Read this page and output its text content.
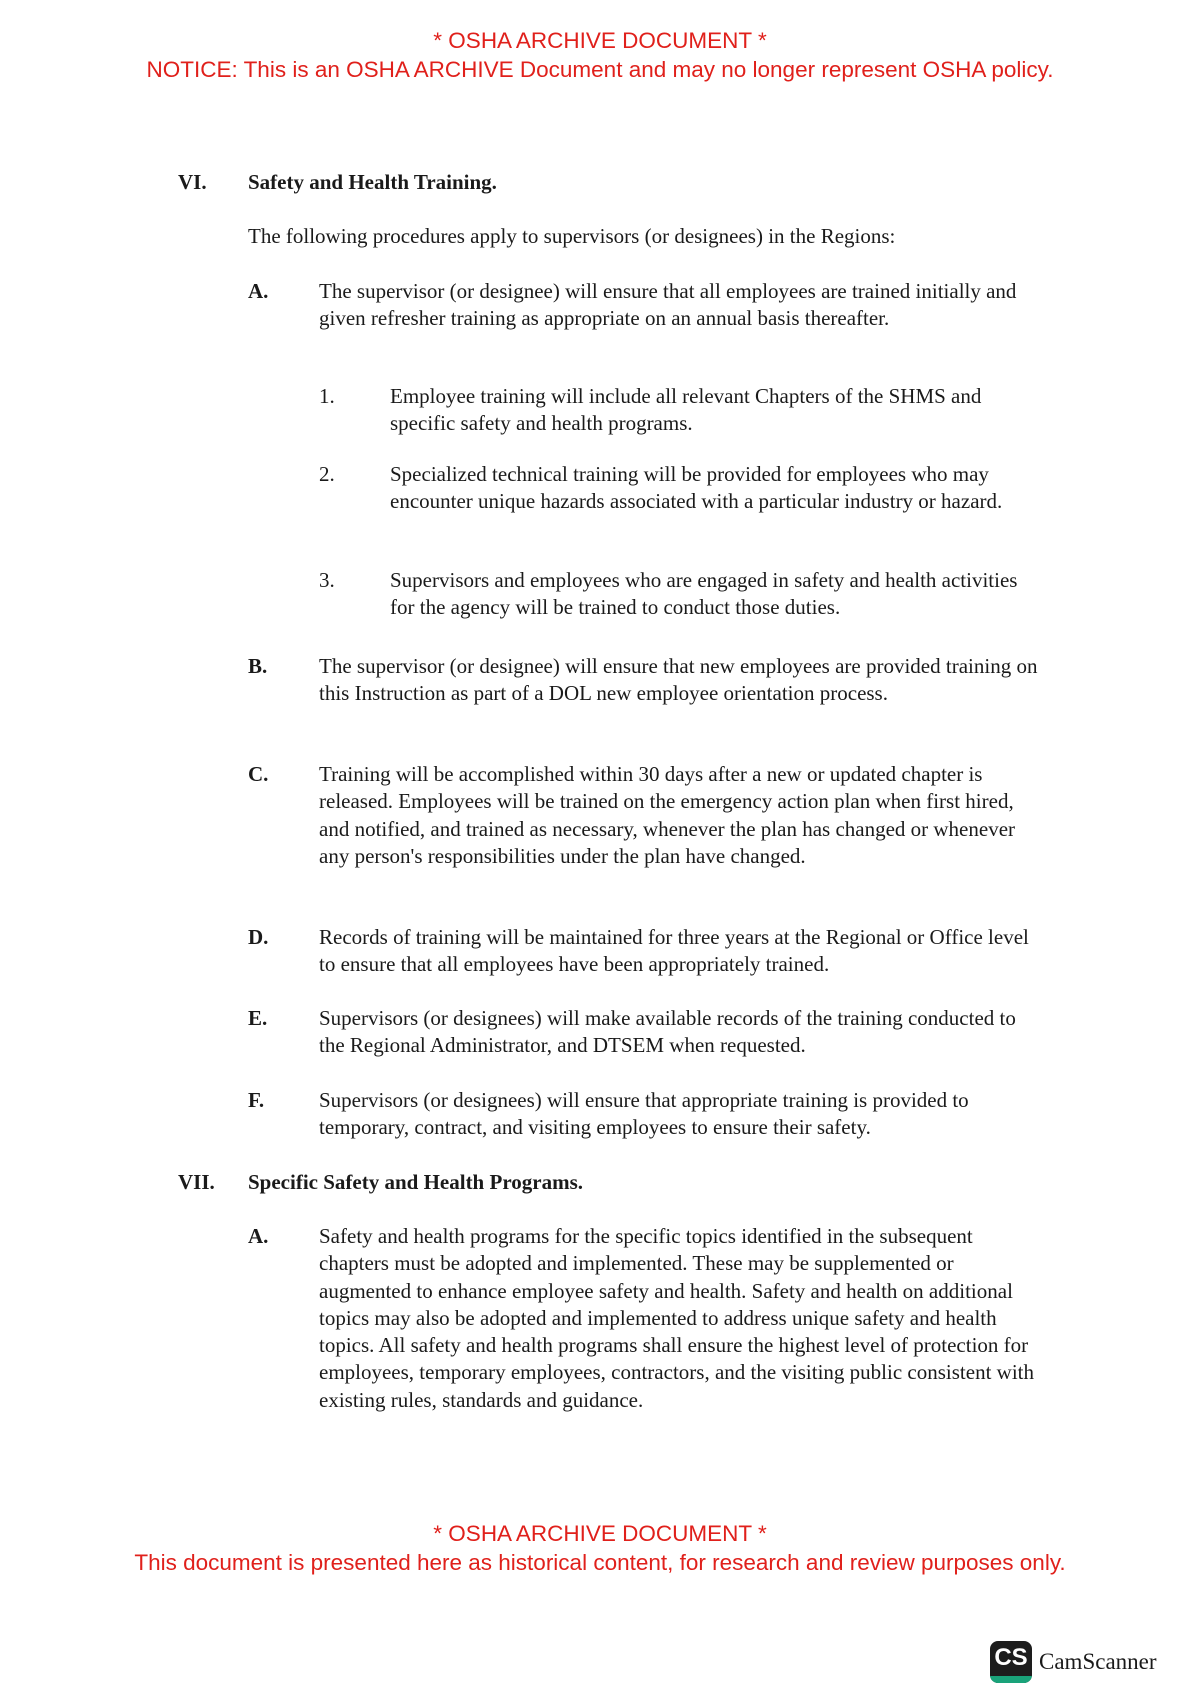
* OSHA ARCHIVE DOCUMENT *
NOTICE: This is an OSHA ARCHIVE Document and may no longer represent OSHA policy.
VI. Safety and Health Training.
The following procedures apply to supervisors (or designees) in the Regions:
A. The supervisor (or designee) will ensure that all employees are trained initially and given refresher training as appropriate on an annual basis thereafter.
1.	Employee training will include all relevant Chapters of the SHMS and specific safety and health programs.
2.	Specialized technical training will be provided for employees who may encounter unique hazards associated with a particular industry or hazard.
3.	Supervisors and employees who are engaged in safety and health activities for the agency will be trained to conduct those duties.
B. The supervisor (or designee) will ensure that new employees are provided training on this Instruction as part of a DOL new employee orientation process.
C. Training will be accomplished within 30 days after a new or updated chapter is released. Employees will be trained on the emergency action plan when first hired, and notified, and trained as necessary, whenever the plan has changed or whenever any person's responsibilities under the plan have changed.
D. Records of training will be maintained for three years at the Regional or Office level to ensure that all employees have been appropriately trained.
E. Supervisors (or designees) will make available records of the training conducted to the Regional Administrator, and DTSEM when requested.
F.	Supervisors (or designees) will ensure that appropriate training is provided to temporary, contract, and visiting employees to ensure their safety.
VII. Specific Safety and Health Programs.
A. Safety and health programs for the specific topics identified in the subsequent chapters must be adopted and implemented. These may be supplemented or augmented to enhance employee safety and health. Safety and health on additional topics may also be adopted and implemented to address unique safety and health topics. All safety and health programs shall ensure the highest level of protection for employees, temporary employees, contractors, and the visiting public consistent with existing rules, standards and guidance.
* OSHA ARCHIVE DOCUMENT *
This document is presented here as historical content, for research and review purposes only.
CS CamScanner
